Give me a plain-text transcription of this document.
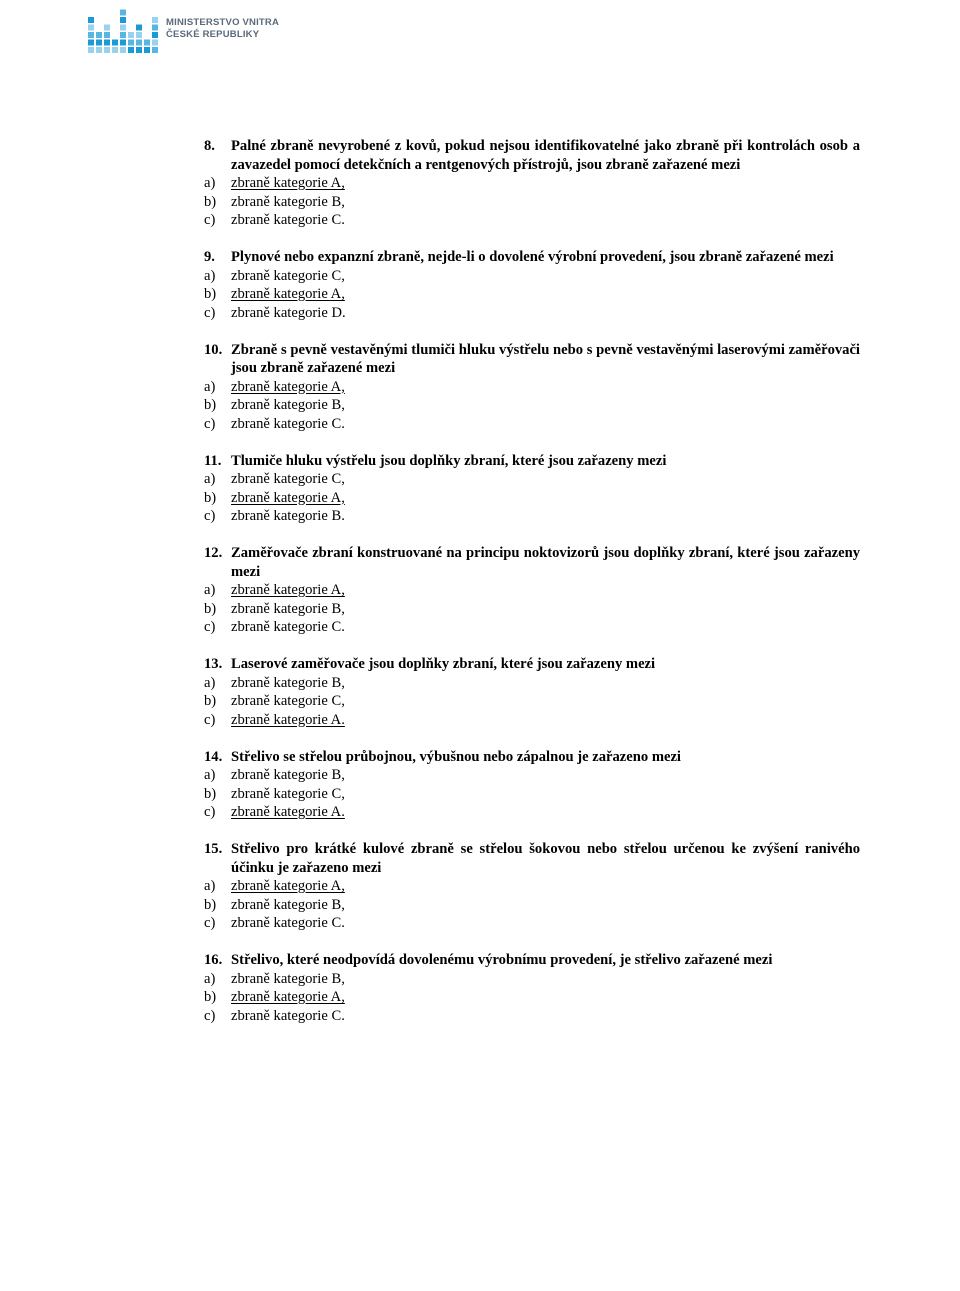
MINISTERSTVO VNITRA
ČESKÉ REPUBLIKY
8. Palné zbraně nevyrobené z kovů, pokud nejsou identifikovatelné jako zbraně při kontrolách osob a zavazedel pomocí detekčních a rentgenových přístrojů, jsou zbraně zařazené mezi
a)	zbraně kategorie A,
b)	zbraně kategorie B,
c)	zbraně kategorie C.
9. Plynové nebo expanzní zbraně, nejde-li o dovolené výrobní provedení, jsou zbraně zařazené mezi
a)	zbraně kategorie C,
b)	zbraně kategorie A,
c)	zbraně kategorie D.
10. Zbraně s pevně vestavěnými tlumiči hluku výstřelu nebo s pevně vestavěnými laserovými zaměřovači jsou zbraně zařazené mezi
a)	zbraně kategorie A,
b)	zbraně kategorie B,
c)	zbraně kategorie C.
11. Tlumiče hluku výstřelu jsou doplňky zbraní, které jsou zařazeny mezi
a)	zbraně kategorie C,
b)	zbraně kategorie A,
c)	zbraně kategorie B.
12. Zaměřovače zbraní konstruované na principu noktovizorů jsou doplňky zbraní, které jsou zařazeny mezi
a)	zbraně kategorie A,
b)	zbraně kategorie B,
c)	zbraně kategorie C.
13. Laserové zaměřovače jsou doplňky zbraní, které jsou zařazeny mezi
a)	zbraně kategorie B,
b)	zbraně kategorie C,
c)	zbraně kategorie A.
14. Střelivo se střelou průbojnou, výbušnou nebo zápalnou je zařazeno mezi
a)	zbraně kategorie B,
b)	zbraně kategorie C,
c)	zbraně kategorie A.
15. Střelivo pro krátké kulové zbraně se střelou šokovou nebo střelou určenou ke zvýšení ranivého účinku je zařazeno mezi
a)	zbraně kategorie A,
b)	zbraně kategorie B,
c)	zbraně kategorie C.
16. Střelivo, které neodpovídá dovolenému výrobnímu provedení, je střelivo zařazené mezi
a)	zbraně kategorie B,
b)	zbraně kategorie A,
c)	zbraně kategorie C.
